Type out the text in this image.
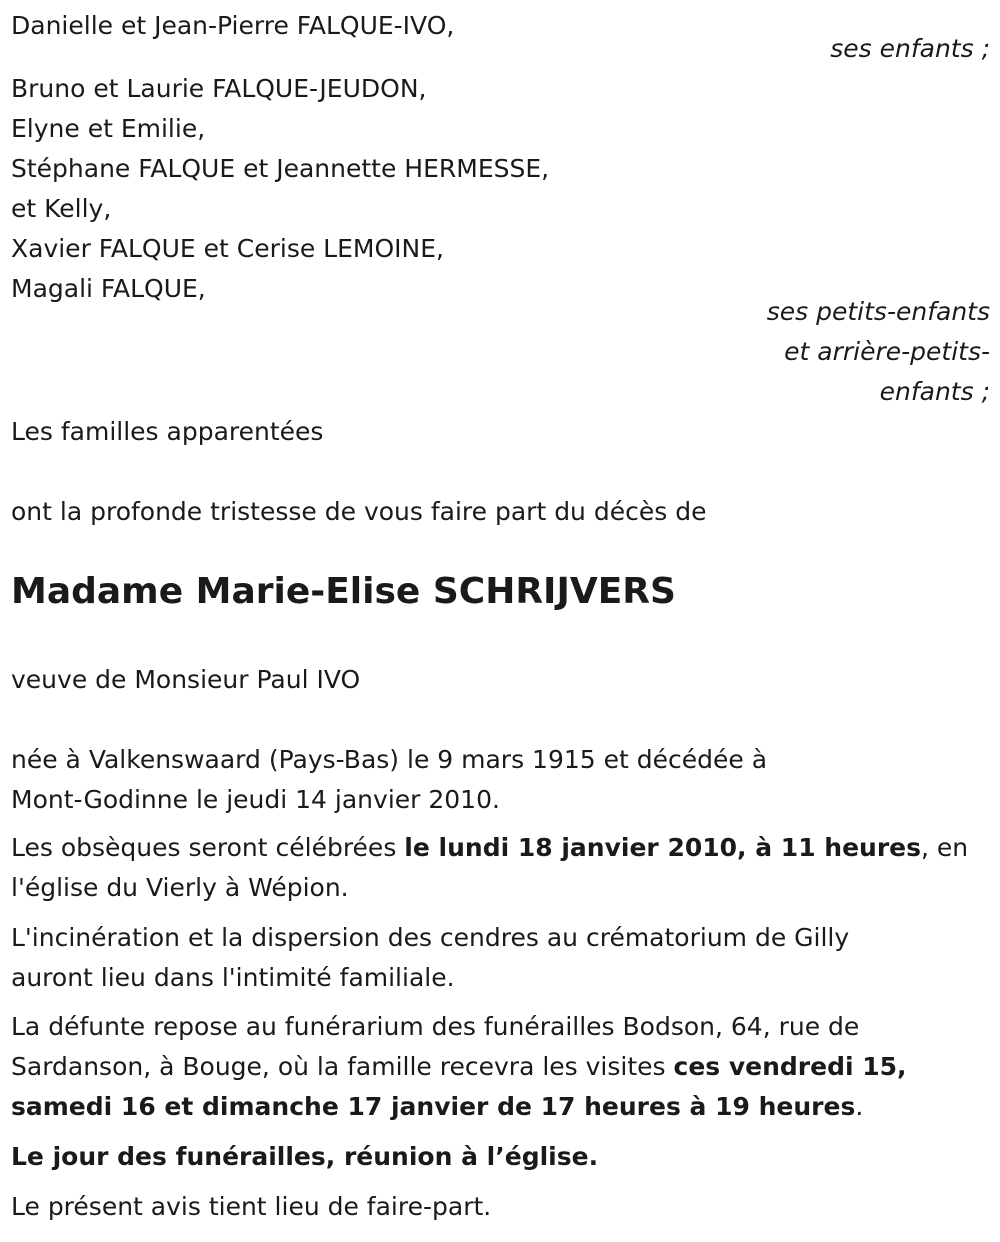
Danielle et Jean-Pierre FALQUE-IVO,
ses enfants ;
Bruno et Laurie FALQUE-JEUDON,
Elyne et Emilie,
Stéphane FALQUE et Jeannette HERMESSE,
et Kelly,
Xavier FALQUE et Cerise LEMOINE,
Magali FALQUE,
ses petits-enfants
et arrière-petits-
enfants ;
Les familles apparentées
ont la profonde tristesse de vous faire part du décès de
Madame Marie-Elise SCHRIJVERS
veuve de Monsieur Paul IVO
née à Valkenswaard (Pays-Bas) le 9 mars 1915 et décédée à
Mont-Godinne le jeudi 14 janvier 2010.
Les obsèques seront célébrées le lundi 18 janvier 2010, à 11 heures, en
l'église du Vierly à Wépion.
L'incinération et la dispersion des cendres au crématorium de Gilly
auront lieu dans l'intimité familiale.
La défunte repose au funérarium des funérailles Bodson, 64, rue de
Sardanson, à Bouge, où la famille recevra les visites ces vendredi 15,
samedi 16 et dimanche 17 janvier de 17 heures à 19 heures.
Le jour des funérailles, réunion à l’église.
Le présent avis tient lieu de faire-part.
